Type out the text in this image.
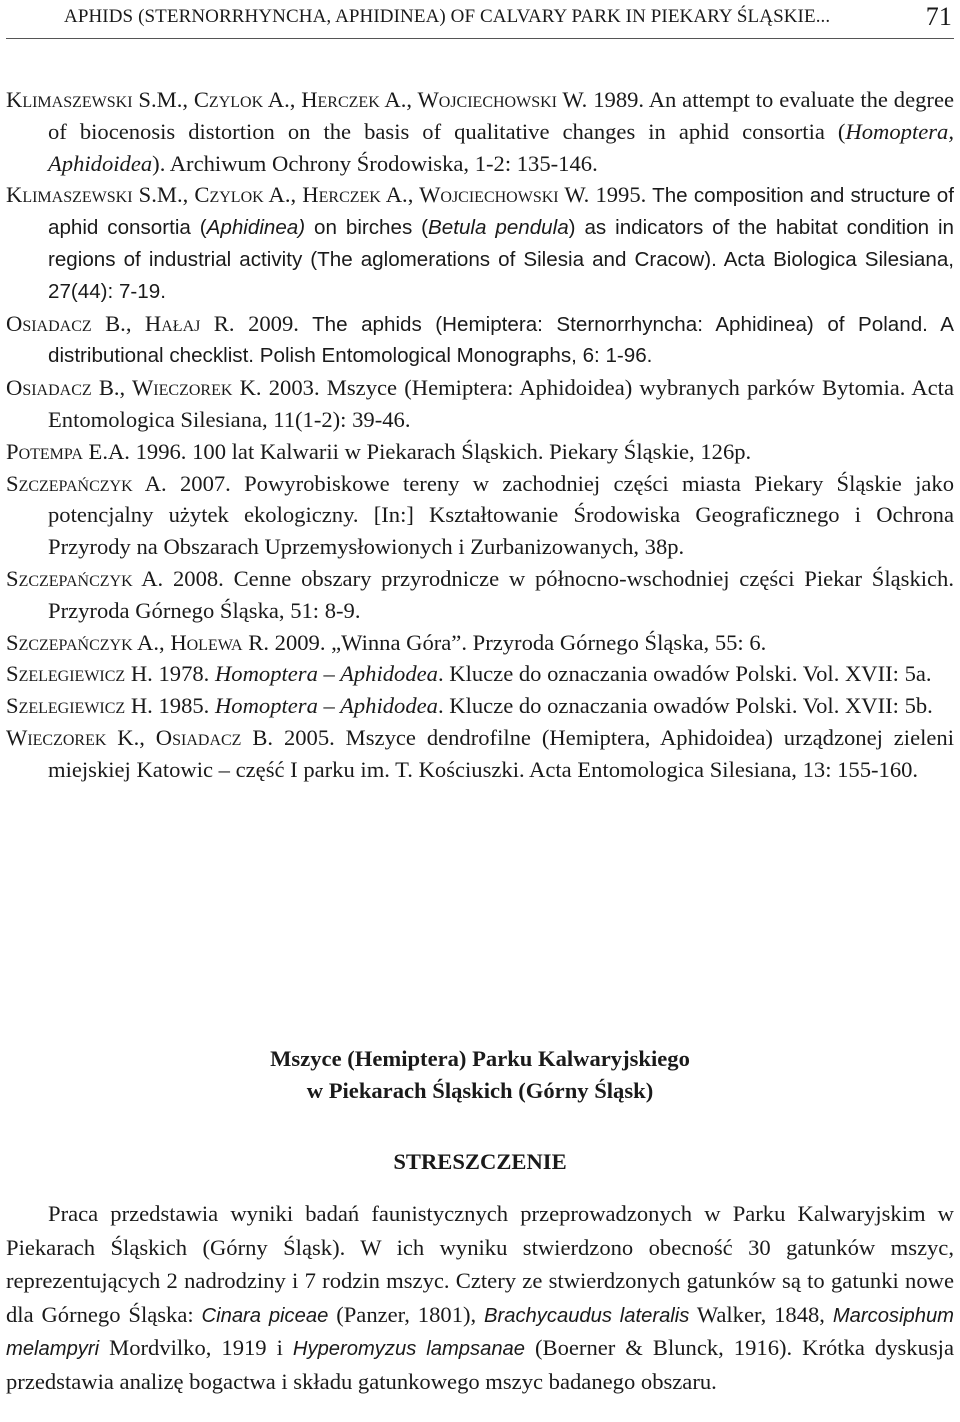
APHIDS (STERNORRHYNCHA, APHIDINEA) OF CALVARY PARK IN PIEKARY ŚLĄSKIE...	71

Klimaszewski S.M., Czylok A., Herczek A., Wojciechowski W. 1989. An attempt to evaluate the degree of biocenosis distortion on the basis of qualitative changes in aphid consortia (Homoptera, Aphidoidea). Archiwum Ochrony Środowiska, 1-2: 135-146.

Klimaszewski S.M., Czylok A., Herczek A., Wojciechowski W. 1995. The composition and structure of aphid consortia (Aphidinea) on birches (Betula pendula) as indicators of the habitat condition in regions of industrial activity (The aglomerations of Silesia and Cracow). Acta Biologica Silesiana, 27(44): 7-19.

Osiadacz B., Hałaj R. 2009. The aphids (Hemiptera: Sternorrhyncha: Aphidinea) of Poland. A distributional checklist. Polish Entomological Monographs, 6: 1-96.

Osiadacz B., Wieczorek K. 2003. Mszyce (Hemiptera: Aphidoidea) wybranych parków Bytomia. Acta Entomologica Silesiana, 11(1-2): 39-46.

Potempa E.A. 1996. 100 lat Kalwarii w Piekarach Śląskich. Piekary Śląskie, 126p.

Szczepańczyk A. 2007. Powyrobiskowe tereny w zachodniej części miasta Piekary Śląskie jako potencjalny użytek ekologiczny. [In:] Kształtowanie Środowiska Geograficznego i Ochrona Przyrody na Obszarach Uprzemysłowionych i Zurbanizowanych, 38p.

Szczepańczyk A. 2008. Cenne obszary przyrodnicze w północno-wschodniej części Piekar Śląskich. Przyroda Górnego Śląska, 51: 8-9.

Szczepańczyk A., Holewa R. 2009. „Winna Góra”. Przyroda Górnego Śląska, 55: 6.

Szelegiewicz H. 1978. Homoptera – Aphidodea. Klucze do oznaczania owadów Polski. Vol. XVII: 5a.

Szelegiewicz H. 1985. Homoptera – Aphidodea. Klucze do oznaczania owadów Polski. Vol. XVII: 5b.

Wieczorek K., Osiadacz B. 2005. Mszyce dendrofilne (Hemiptera, Aphidoidea) urządzonej zieleni miejskiej Katowic – część I parku im. T. Kościuszki. Acta Entomologica Silesiana, 13: 155-160.

Mszyce (Hemiptera) Parku Kalwaryjskiego
w Piekarach Śląskich (Górny Śląsk)
STRESZCZENIE

Praca przedstawia wyniki badań faunistycznych przeprowadzonych w Parku Kalwaryjskim w Piekarach Śląskich (Górny Śląsk). W ich wyniku stwierdzono obecność 30 gatunków mszyc, reprezentujących 2 nadrodziny i 7 rodzin mszyc. Cztery ze stwierdzonych gatunków są to gatunki nowe dla Górnego Śląska: Cinara piceae (Panzer, 1801), Brachycaudus lateralis Walker, 1848, Marcosiphum melampyri Mordvilko, 1919 i Hyperomyzus lampsanae (Boerner & Blunck, 1916). Krótka dyskusja przedstawia analizę bogactwa i składu gatunkowego mszyc badanego obszaru.
